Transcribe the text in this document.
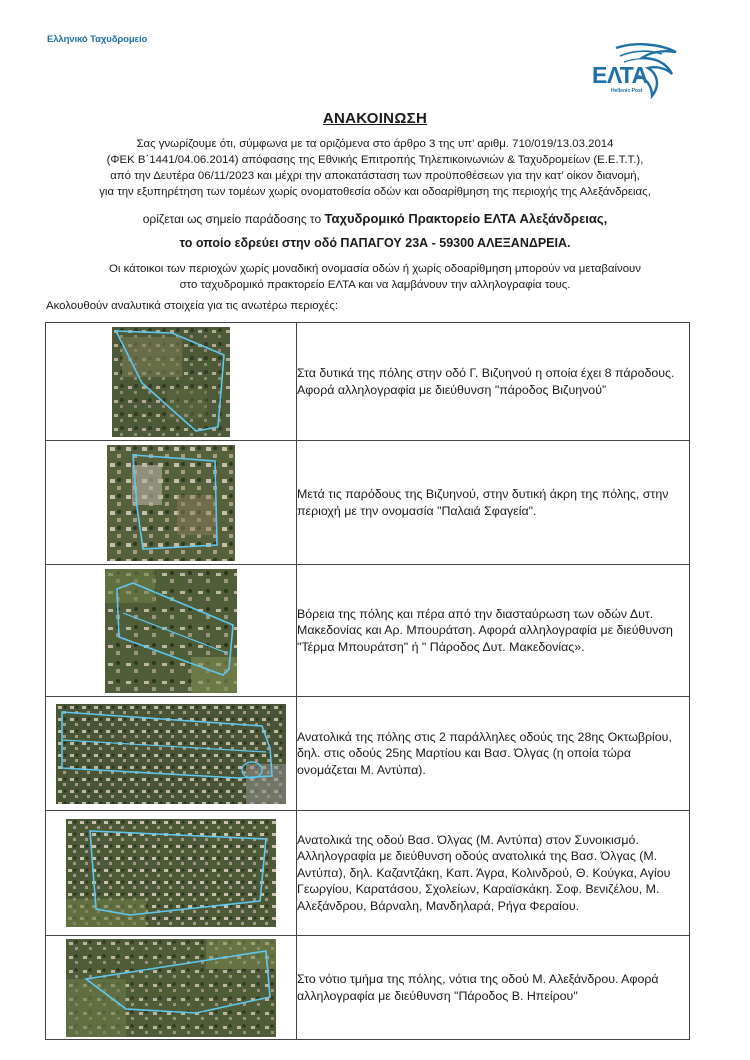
Ελληνικό Ταχυδρομείο
ΕΛΤΑ
Hellenic Post
ΑΝΑΚΟΙΝΩΣΗ

Σας γνωρίζουμε ότι, σύμφωνα με τα οριζόμενα στο άρθρο 3 της υπ’ αριθμ. 710/019/13.03.2014

(ΦΕΚ Β΄1441/04.06.2014) απόφασης της Εθνικής Επιτροπής Τηλεπικοινωνιών & Ταχυδρομείων (Ε.Ε.Τ.Τ.),

από την Δευτέρα 06/11/2023 και μέχρι την αποκατάσταση των προϋποθέσεων για την κατ’ οίκον διανομή,

για την εξυπηρέτηση των τομέων χωρίς ονοματοθεσία οδών και οδοαρίθμηση της περιοχής της Αλεξάνδρειας,

ορίζεται ως σημείο παράδοσης το Ταχυδρομικό Πρακτορείο ΕΛΤΑ Αλεξάνδρειας,
το οποίο εδρεύει στην οδό ΠΑΠΑΓΟΥ 23Α - 59300 ΑΛΕΞΑΝΔΡΕΙΑ.
Οι κάτοικοι των περιοχών χωρίς μοναδική ονομασία οδών ή χωρίς οδοαρίθμηση μπορούν να μεταβαίνουν
στο ταχυδρομικό πρακτορείο ΕΛΤΑ και να λαμβάνουν την αλληλογραφία τους.
Ακολουθούν αναλυτικά στοιχεία για τις ανωτέρω περιοχές:
	Στα δυτικά της πόλης στην οδό Γ. Βιζυηνού η οποία έχει 8 πάροδους. Αφορά αλληλογραφία με διεύθυνση "πάροδος Βιζυηνού”

	Μετά τις παρόδους της Βιζυηνού, στην δυτική άκρη της πόλης, στην περιοχή με την ονομασία "Παλαιά Σφαγεία".

	Βόρεια της πόλης και πέρα από την διασταύρωση των οδών Δυτ. Μακεδονίας και Αρ. Μπουράτση. Αφορά αλληλογραφία με διεύθυνση "Τέρμα Μπουράτση" ή " Πάροδος Δυτ. Μακεδονίας».

	Ανατολικά της πόλης στις 2 παράλληλες οδούς της 28ης Οκτωβρίου, δηλ. στις οδούς 25ης Μαρτίου και Βασ. Όλγας (η οποία τώρα ονομάζεται Μ. Αντύπα).

	Ανατολικά της οδού Βασ. Όλγας (Μ. Αντύπα) στον Συνοικισμό. Αλληλογραφία με διεύθυνση οδούς ανατολικά της Βασ. Όλγας (Μ. Αντύπα), δηλ. Καζαντζάκη, Καπ. Άγρα, Κολινδρού, Θ. Κούγκα, Αγίου Γεωργίου, Καρατάσου, Σχολείων, Καραϊσκάκη. Σοφ. Βενιζέλου, Μ. Αλεξάνδρου, Βάρναλη, Μανδηλαρά, Ρήγα Φεραίου.

	Στο νότιο τμήμα της πόλης, νότια της οδού Μ. Αλεξάνδρου. Αφορά αλληλογραφία με διεύθυνση "Πάροδος Β. Ηπείρου"
